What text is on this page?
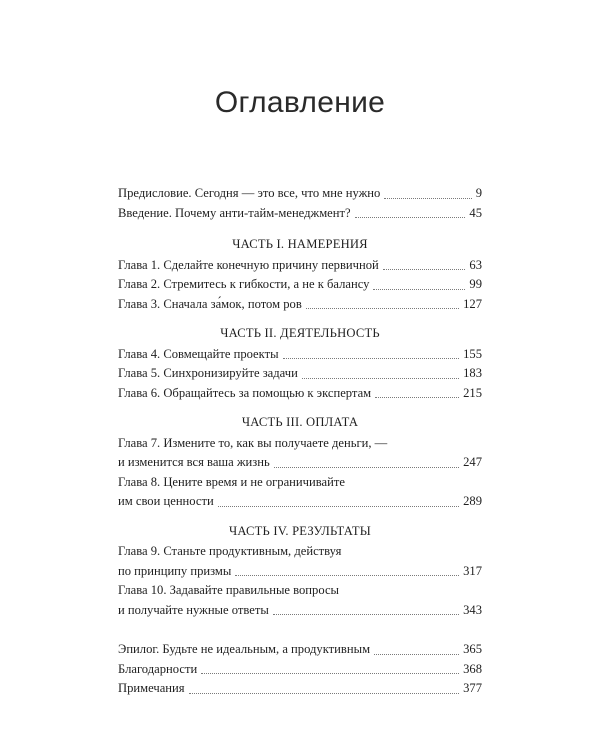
Оглавление
Предисловие. Сегодня — это все, что мне нужно	9
Введение. Почему анти-тайм-менеджмент?	45
ЧАСТЬ I. НАМЕРЕНИЯ
Глава 1. Сделайте конечную причину первичной	63
Глава 2. Стремитесь к гибкости, а не к балансу	99
Глава 3. Сначала за́мок, потом ров	127
ЧАСТЬ II. ДЕЯТЕЛЬНОСТЬ
Глава 4. Совмещайте проекты	155
Глава 5. Синхронизируйте задачи	183
Глава 6. Обращайтесь за помощью к экспертам	215
ЧАСТЬ III. ОПЛАТА
Глава 7. Измените то, как вы получаете деньги, —
и изменится вся ваша жизнь	247
Глава 8. Цените время и не ограничивайте
им свои ценности	289
ЧАСТЬ IV. РЕЗУЛЬТАТЫ
Глава 9. Станьте продуктивным, действуя
по принципу призмы	317
Глава 10. Задавайте правильные вопросы
и получайте нужные ответы	343
Эпилог. Будьте не идеальным, а продуктивным	365
Благодарности	368
Примечания	377
